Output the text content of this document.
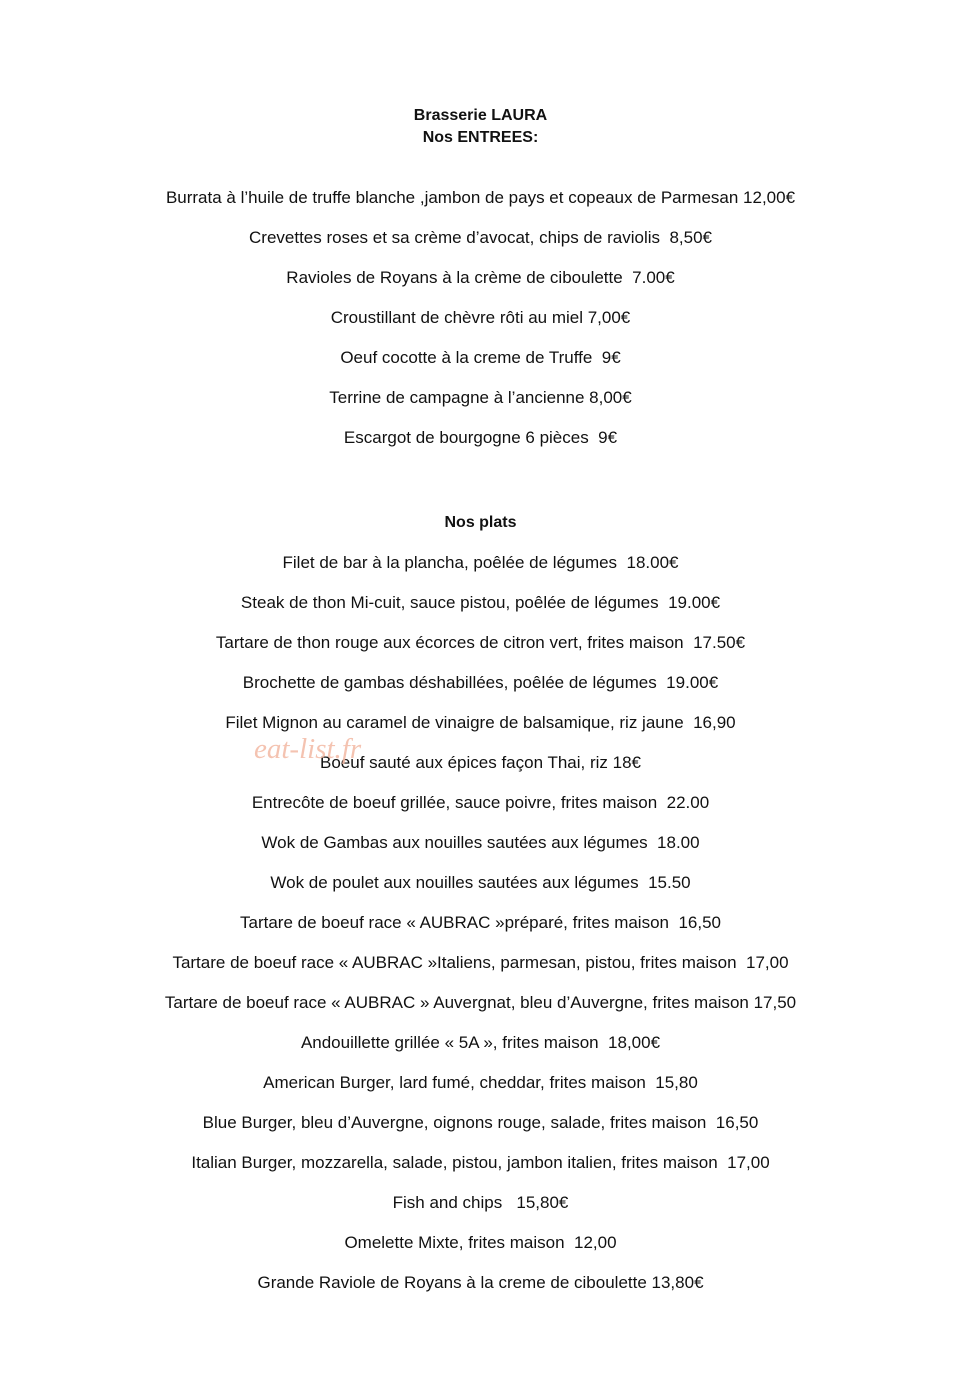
Brasserie LAURA
Nos ENTREES:
Burrata à l’huile de truffe blanche ,jambon de pays et copeaux de Parmesan 12,00€
Crevettes roses et sa crème d’avocat, chips de raviolis  8,50€
Ravioles de Royans à la crème de ciboulette  7.00€
Croustillant de chèvre rôti au miel 7,00€
Oeuf cocotte à la creme de Truffe  9€
Terrine de campagne à l’ancienne 8,00€
Escargot de bourgogne 6 pièces  9€
Nos plats
Filet de bar à la plancha, poêlée de légumes  18.00€
Steak de thon Mi-cuit, sauce pistou, poêlée de légumes  19.00€
Tartare de thon rouge aux écorces de citron vert, frites maison  17.50€
Brochette de gambas déshabillées, poêlée de légumes  19.00€
Filet Mignon au caramel de vinaigre de balsamique, riz jaune  16,90
Boeuf sauté aux épices façon Thai, riz 18€
Entrecôte de boeuf grillée, sauce poivre, frites maison  22.00
Wok de Gambas aux nouilles sautées aux légumes  18.00
Wok de poulet aux nouilles sautées aux légumes  15.50
Tartare de boeuf race « AUBRAC »préparé, frites maison  16,50
Tartare de boeuf race « AUBRAC »Italiens, parmesan, pistou, frites maison  17,00
Tartare de boeuf race « AUBRAC » Auvergnat, bleu d’Auvergne, frites maison 17,50
Andouillette grillée « 5A », frites maison  18,00€
American Burger, lard fumé, cheddar, frites maison  15,80
Blue Burger, bleu d’Auvergne, oignons rouge, salade, frites maison  16,50
Italian Burger, mozzarella, salade, pistou, jambon italien, frites maison  17,00
Fish and chips   15,80€
Omelette Mixte, frites maison  12,00
Grande Raviole de Royans à la creme de ciboulette 13,80€
eat-list.fr
